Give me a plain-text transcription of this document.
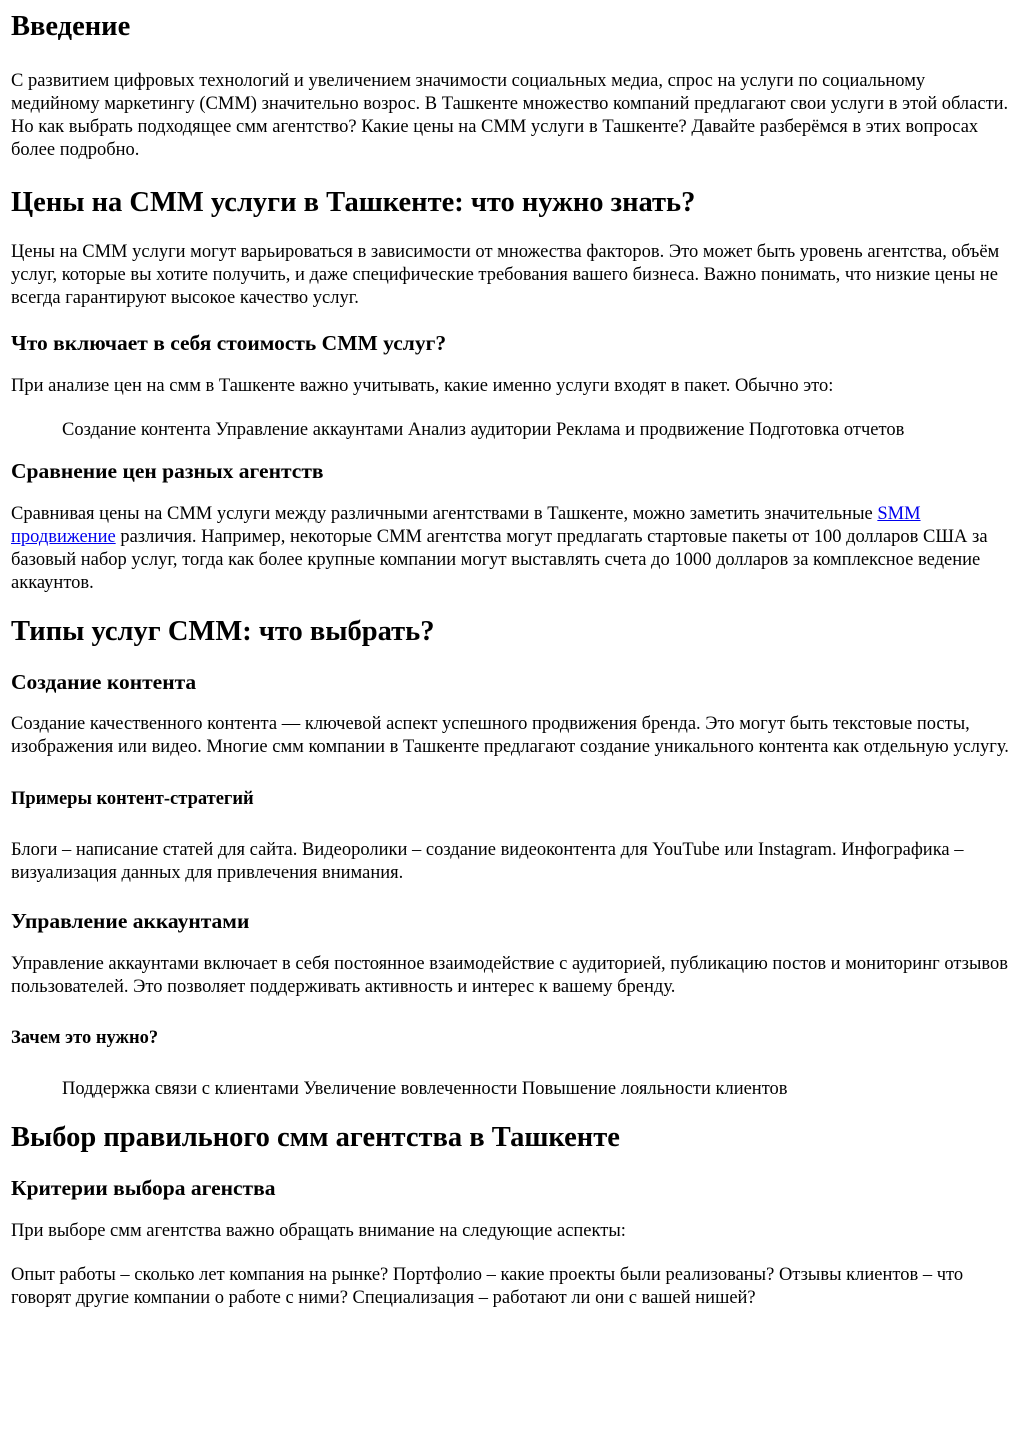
Введение

С развитием цифровых технологий и увеличением значимости социальных медиа, спрос на услуги по социальному медийному маркетингу (СММ) значительно возрос. В Ташкенте множество компаний предлагают свои услуги в этой области. Но как выбрать подходящее смм агентство? Какие цены на СММ услуги в Ташкенте? Давайте разберёмся в этих вопросах более подробно.

Цены на СММ услуги в Ташкенте: что нужно знать?

Цены на СММ услуги могут варьироваться в зависимости от множества факторов. Это может быть уровень агентства, объём услуг, которые вы хотите получить, и даже специфические требования вашего бизнеса. Важно понимать, что низкие цены не всегда гарантируют высокое качество услуг.

Что включает в себя стоимость СММ услуг?

При анализе цен на смм в Ташкенте важно учитывать, какие именно услуги входят в пакет. Обычно это:

Создание контента Управление аккаунтами Анализ аудитории Реклама и продвижение Подготовка отчетов

Сравнение цен разных агентств

Сравнивая цены на СММ услуги между различными агентствами в Ташкенте, можно заметить значительные SMM продвижение различия. Например, некоторые СММ агентства могут предлагать стартовые пакеты от 100 долларов США за базовый набор услуг, тогда как более крупные компании могут выставлять счета до 1000 долларов за комплексное ведение аккаунтов.

Типы услуг СММ: что выбрать?
Создание контента

Создание качественного контента — ключевой аспект успешного продвижения бренда. Это могут быть текстовые посты, изображения или видео. Многие смм компании в Ташкенте предлагают создание уникального контента как отдельную услугу.

Примеры контент-стратегий

Блоги – написание статей для сайта. Видеоролики – создание видеоконтента для YouTube или Instagram. Инфографика – визуализация данных для привлечения внимания.

Управление аккаунтами

Управление аккаунтами включает в себя постоянное взаимодействие с аудиторией, публикацию постов и мониторинг отзывов пользователей. Это позволяет поддерживать активность и интерес к вашему бренду.

Зачем это нужно?

Поддержка связи с клиентами Увеличение вовлеченности Повышение лояльности клиентов

Выбор правильного смм агентства в Ташкенте
Критерии выбора агенства

При выборе смм агентства важно обращать внимание на следующие аспекты:

Опыт работы – сколько лет компания на рынке? Портфолио – какие проекты были реализованы? Отзывы клиентов – что говорят другие компании о работе с ними? Специализация – работают ли они с вашей нишей?
